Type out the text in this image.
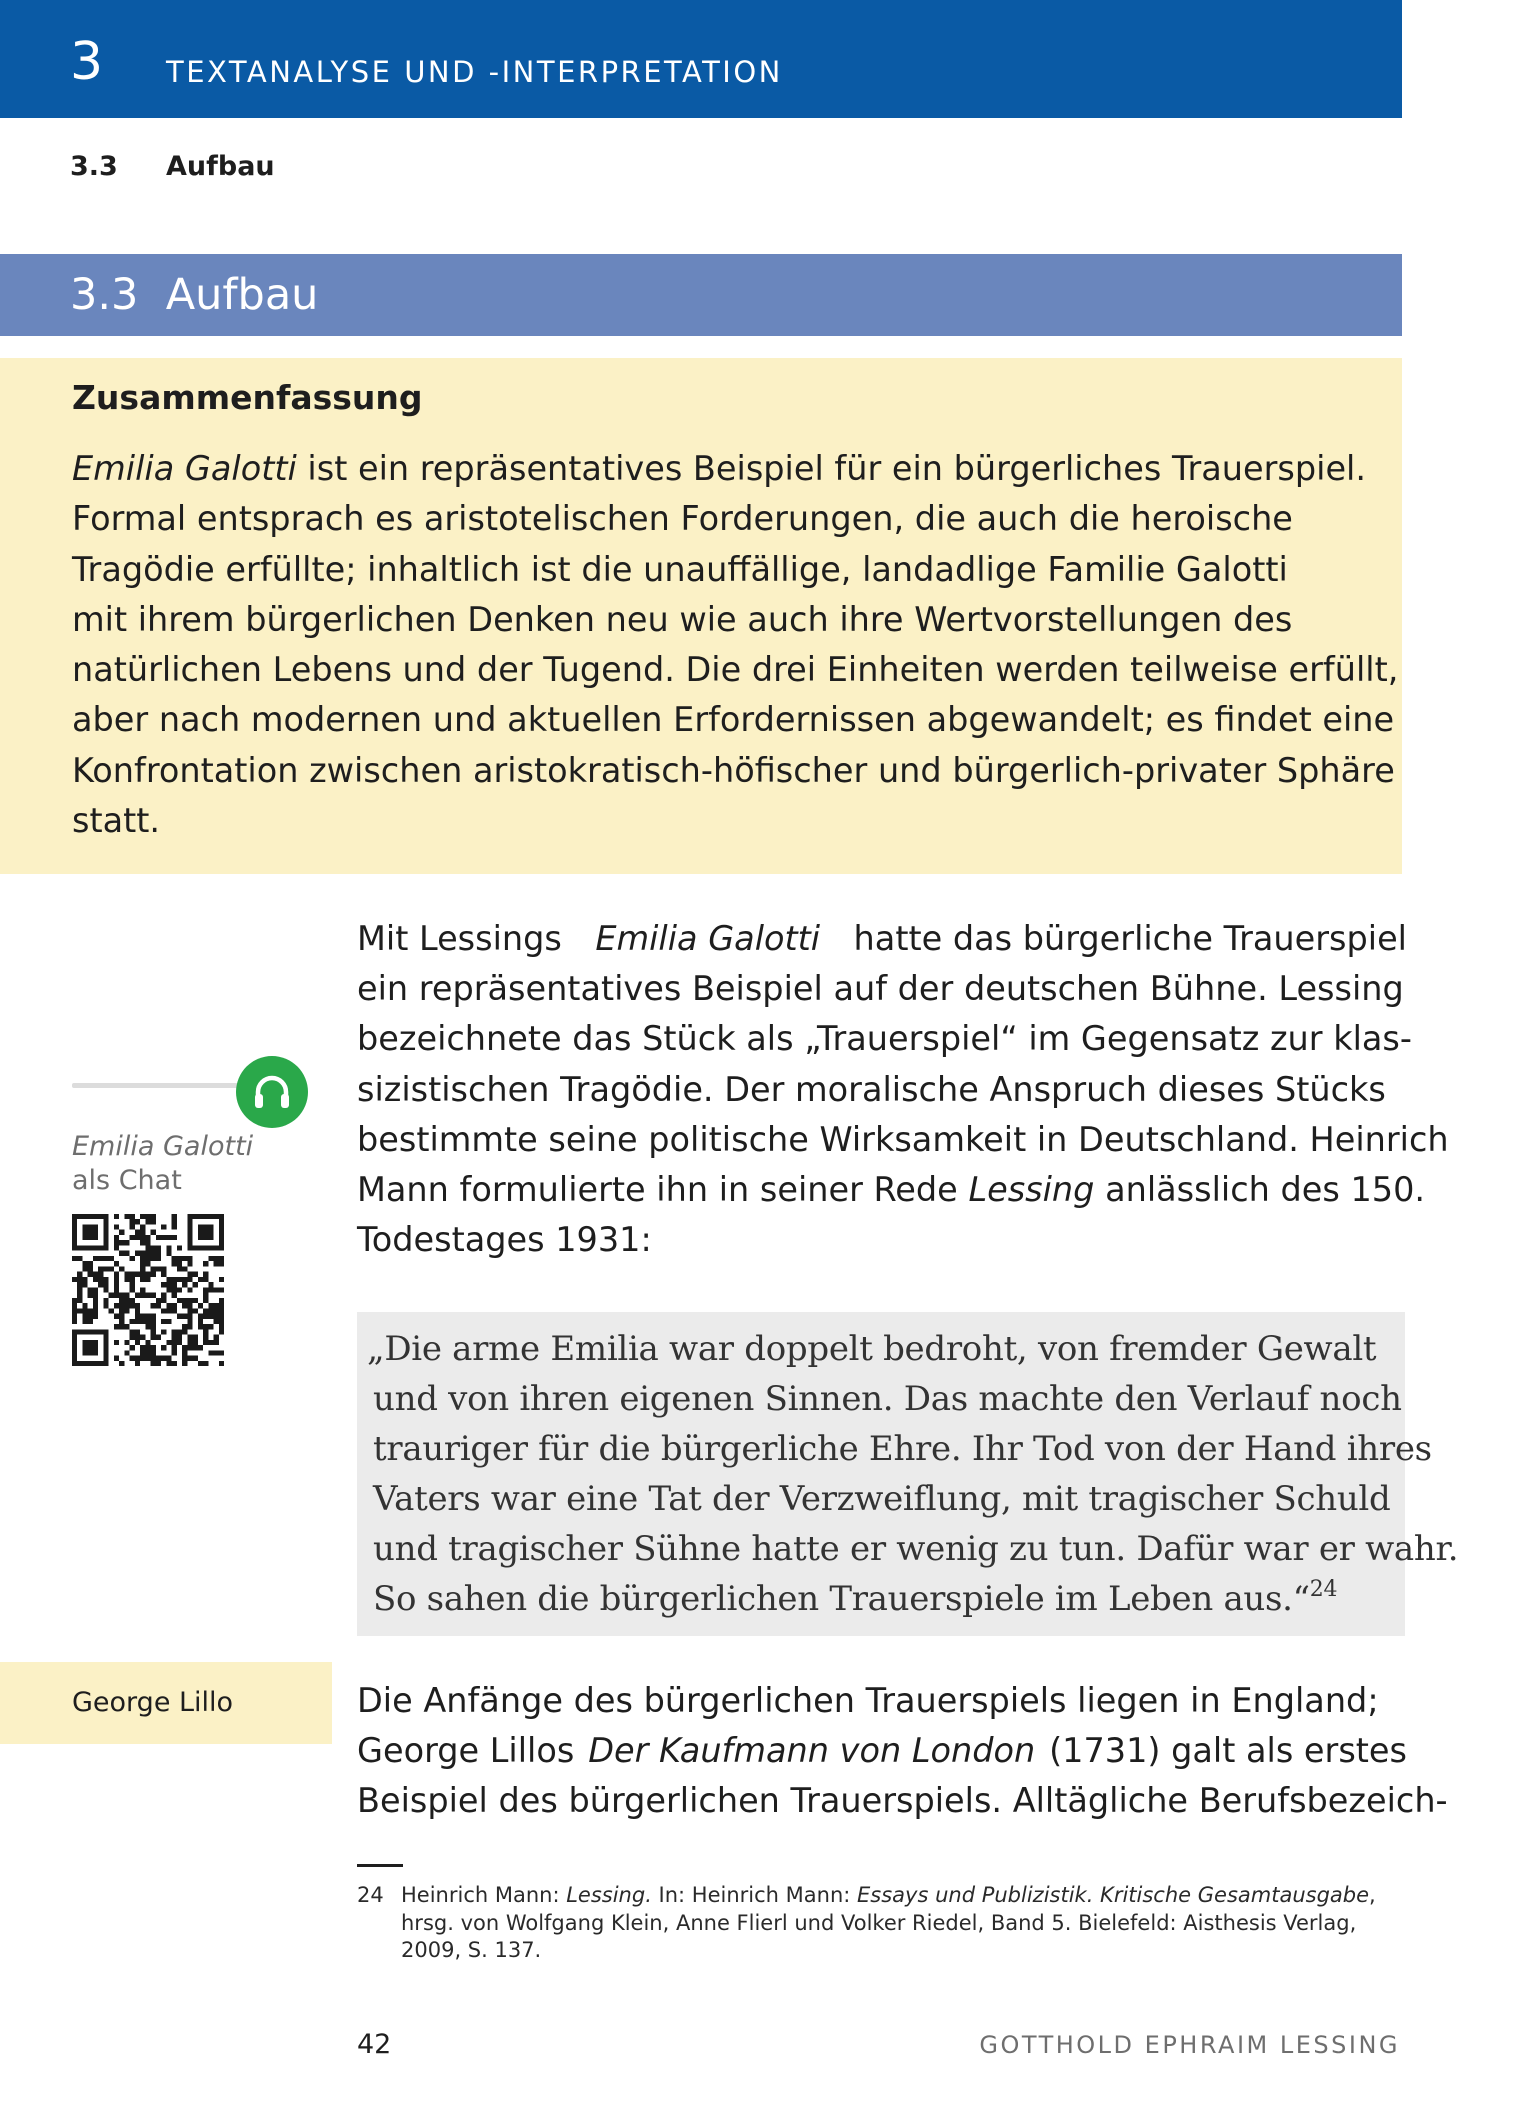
3 TEXTANALYSE UND -INTERPRETATION
3.3 Aufbau
3.3  Aufbau
Zusammenfassung
Emilia Galotti ist ein repräsentatives Beispiel für ein bürgerliches Trauerspiel.
Formal entsprach es aristotelischen Forderungen, die auch die heroische
Tragödie erfüllte; inhaltlich ist die unauffällige, landadlige Familie Galotti
mit ihrem bürgerlichen Denken neu wie auch ihre Wertvorstellungen des
natürlichen Lebens und der Tugend. Die drei Einheiten werden teilweise erfüllt,
aber nach modernen und aktuellen Erfordernissen abgewandelt; es findet eine
Konfrontation zwischen aristokratisch-höfischer und bürgerlich-privater Sphäre
statt.
Emilia Galotti
als Chat
Mit Lessings Emilia Galotti hatte das bürgerliche Trauerspiel
ein repräsentatives Beispiel auf der deutschen Bühne. Lessing
bezeichnete das Stück als „Trauerspiel“ im Gegensatz zur klas-
sizistischen Tragödie. Der moralische Anspruch dieses Stücks
bestimmte seine politische Wirksamkeit in Deutschland. Heinrich
Mann formulierte ihn in seiner Rede Lessing anlässlich des 150.
Todestages 1931:
„Die arme Emilia war doppelt bedroht, von fremder Gewalt
und von ihren eigenen Sinnen. Das machte den Verlauf noch
trauriger für die bürgerliche Ehre. Ihr Tod von der Hand ihres
Vaters war eine Tat der Verzweiflung, mit tragischer Schuld
und tragischer Sühne hatte er wenig zu tun. Dafür war er wahr.
So sahen die bürgerlichen Trauerspiele im Leben aus.“$^{24}$
George Lillo	Die Anfänge des bürgerlichen Trauerspiels liegen in England;
George Lillos Der Kaufmann von London (1731) galt als erstes
Beispiel des bürgerlichen Trauerspiels. Alltägliche Berufsbezeich-
24 Heinrich Mann: Lessing. In: Heinrich Mann: Essays und Publizistik. Kritische Gesamtausgabe, hrsg. von Wolfgang Klein, Anne Flierl und Volker Riedel, Band 5. Bielefeld: Aisthesis Verlag, 2009, S. 137.
42	GOTTHOLD EPHRAIM LESSING
